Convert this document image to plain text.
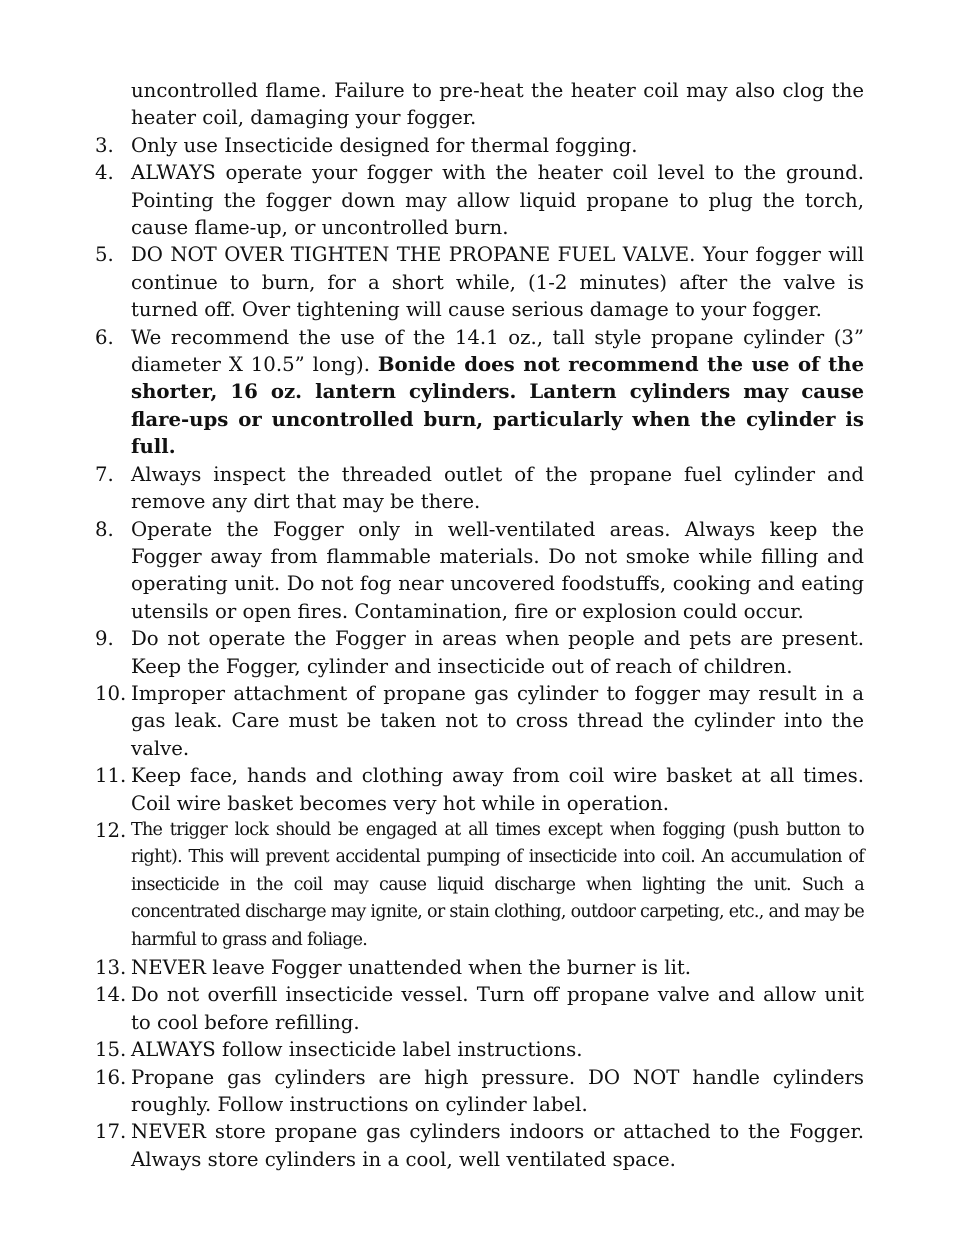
uncontrolled flame. Failure to pre-heat the heater coil may also clog the heater coil, damaging your fogger.
3. Only use Insecticide designed for thermal fogging.
4. ALWAYS operate your fogger with the heater coil level to the ground. Pointing the fogger down may allow liquid propane to plug the torch, cause flame-up, or uncontrolled burn.
5. DO NOT OVER TIGHTEN THE PROPANE FUEL VALVE. Your fogger will continue to burn, for a short while, (1-2 minutes) after the valve is turned off. Over tightening will cause serious damage to your fogger.
6. We recommend the use of the 14.1 oz., tall style propane cylinder (3” diameter X 10.5” long). Bonide does not recommend the use of the shorter, 16 oz. lantern cylinders. Lantern cylinders may cause flare-ups or uncontrolled burn, particularly when the cylinder is full.
7. Always inspect the threaded outlet of the propane fuel cylinder and remove any dirt that may be there.
8. Operate the Fogger only in well-ventilated areas. Always keep the Fogger away from flammable materials. Do not smoke while filling and operating unit. Do not fog near uncovered foodstuffs, cooking and eating utensils or open fires. Contamination, fire or explosion could occur.
9. Do not operate the Fogger in areas when people and pets are present. Keep the Fogger, cylinder and insecticide out of reach of children.
10. Improper attachment of propane gas cylinder to fogger may result in a gas leak. Care must be taken not to cross thread the cylinder into the valve.
11. Keep face, hands and clothing away from coil wire basket at all times. Coil wire basket becomes very hot while in operation.
12. The trigger lock should be engaged at all times except when fogging (push button to right). This will prevent accidental pumping of insecticide into coil. An accumulation of insecticide in the coil may cause liquid discharge when lighting the unit. Such a concentrated discharge may ignite, or stain clothing, outdoor carpeting, etc., and may be harmful to grass and foliage.
13. NEVER leave Fogger unattended when the burner is lit.
14. Do not overfill insecticide vessel. Turn off propane valve and allow unit to cool before refilling.
15. ALWAYS follow insecticide label instructions.
16. Propane gas cylinders are high pressure. DO NOT handle cylinders roughly. Follow instructions on cylinder label.
17. NEVER store propane gas cylinders indoors or attached to the Fogger. Always store cylinders in a cool, well ventilated space.
